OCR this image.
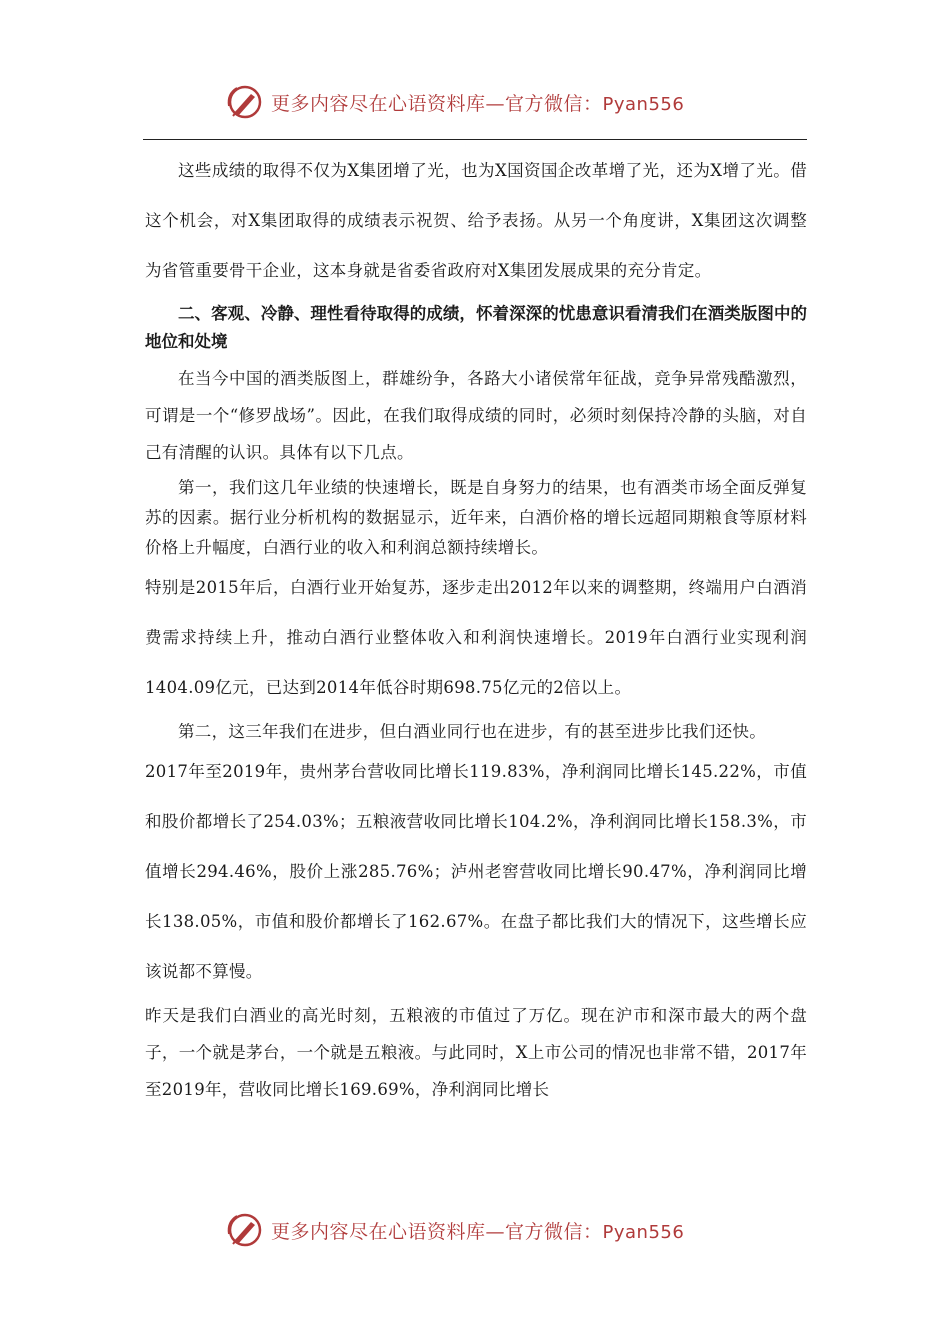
更多内容尽在心语资料库—官方微信：Pyan556

这些成绩的取得不仅为X集团增了光，也为X国资国企改革增了光，还为X增了光。借这个机会，对X集团取得的成绩表示祝贺、给予表扬。从另一个角度讲，X集团这次调整为省管重要骨干企业，这本身就是省委省政府对X集团发展成果的充分肯定。

二、客观、冷静、理性看待取得的成绩，怀着深深的忧患意识看清我们在酒类版图中的地位和处境

在当今中国的酒类版图上，群雄纷争，各路大小诸侯常年征战，竞争异常残酷激烈，可谓是一个“修罗战场”。因此，在我们取得成绩的同时，必须时刻保持冷静的头脑，对自己有清醒的认识。具体有以下几点。

第一，我们这几年业绩的快速增长，既是自身努力的结果，也有酒类市场全面反弹复苏的因素。据行业分析机构的数据显示，近年来，白酒价格的增长远超同期粮食等原材料价格上升幅度，白酒行业的收入和利润总额持续增长。

特别是2015年后，白酒行业开始复苏，逐步走出2012年以来的调整期，终端用户白酒消费需求持续上升，推动白酒行业整体收入和利润快速增长。2019年白酒行业实现利润1404.09亿元，已达到2014年低谷时期698.75亿元的2倍以上。

第二，这三年我们在进步，但白酒业同行也在进步，有的甚至进步比我们还快。

2017年至2019年，贵州茅台营收同比增长119.83%，净利润同比增长145.22%，市值和股价都增长了254.03%；五粮液营收同比增长104.2%，净利润同比增长158.3%，市值增长294.46%，股价上涨285.76%；泸州老窖营收同比增长90.47%，净利润同比增长138.05%，市值和股价都增长了162.67%。在盘子都比我们大的情况下，这些增长应该说都不算慢。

昨天是我们白酒业的高光时刻，五粮液的市值过了万亿。现在沪市和深市最大的两个盘子，一个就是茅台，一个就是五粮液。与此同时，X上市公司的情况也非常不错，2017年至2019年，营收同比增长169.69%，净利润同比增长

更多内容尽在心语资料库—官方微信：Pyan556
